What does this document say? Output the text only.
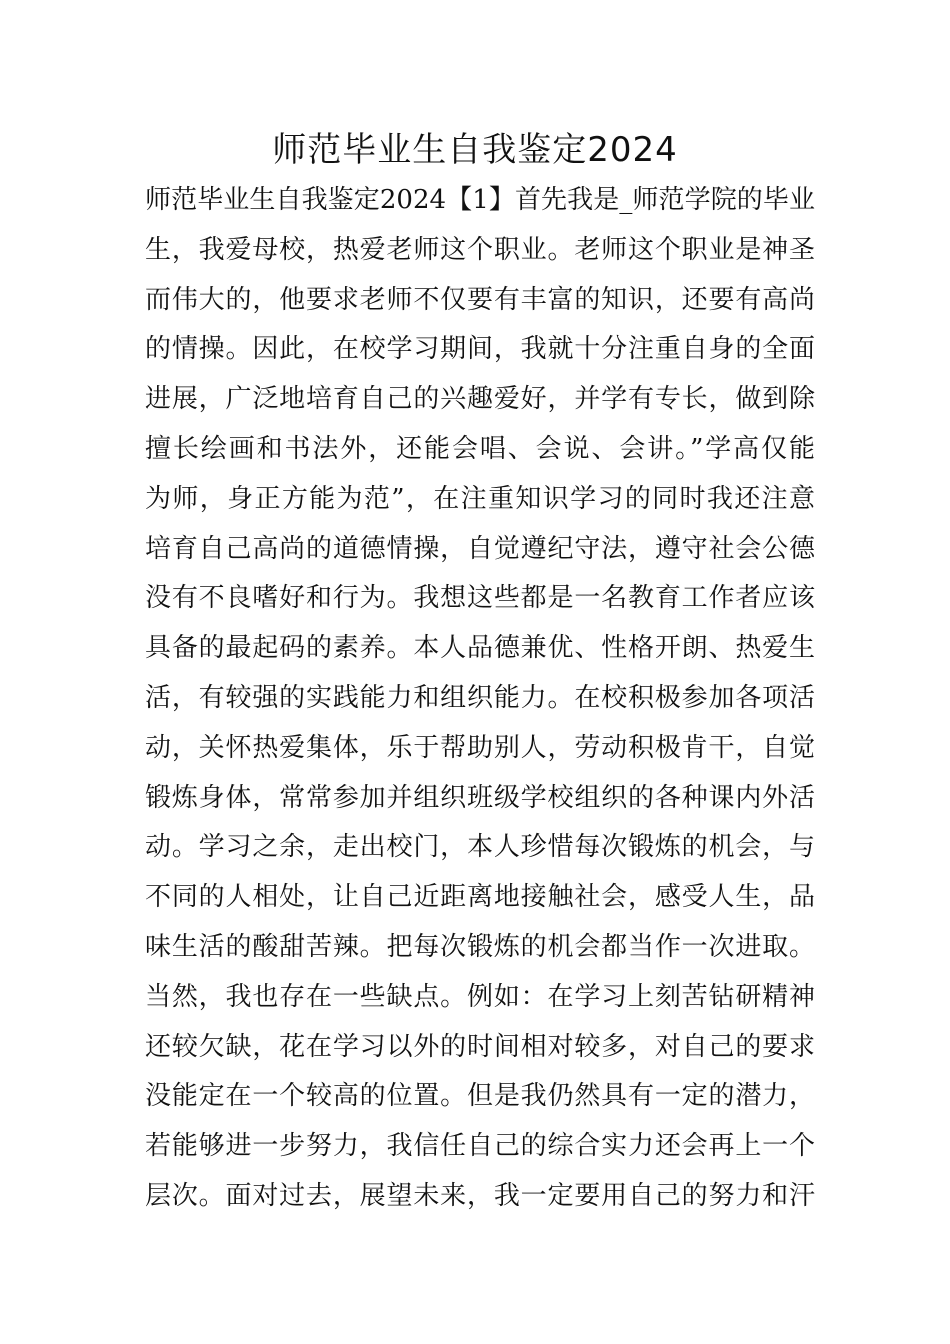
师范毕业生自我鉴定2024
师范毕业生自我鉴定2024【1】首先我是_师范学院的毕业
生，我爱母校，热爱老师这个职业。老师这个职业是神圣
而伟大的，他要求老师不仅要有丰富的知识，还要有高尚
的情操。因此，在校学习期间，我就十分注重自身的全面
进展，广泛地培育自己的兴趣爱好，并学有专长，做到除
擅长绘画和书法外，还能会唱、会说、会讲。”学高仅能
为师，身正方能为范”，在注重知识学习的同时我还注意
培育自己高尚的道德情操，自觉遵纪守法，遵守社会公德
没有不良嗜好和行为。我想这些都是一名教育工作者应该
具备的最起码的素养。本人品德兼优、性格开朗、热爱生
活，有较强的实践能力和组织能力。在校积极参加各项活
动，关怀热爱集体，乐于帮助别人，劳动积极肯干，自觉
锻炼身体，常常参加并组织班级学校组织的各种课内外活
动。学习之余，走出校门，本人珍惜每次锻炼的机会，与
不同的人相处，让自己近距离地接触社会，感受人生，品
味生活的酸甜苦辣。把每次锻炼的机会都当作一次进取。
当然，我也存在一些缺点。例如：在学习上刻苦钻研精神
还较欠缺，花在学习以外的时间相对较多，对自己的要求
没能定在一个较高的位置。但是我仍然具有一定的潜力，
若能够进一步努力，我信任自己的综合实力还会再上一个
层次。面对过去，展望未来，我一定要用自己的努力和汗
